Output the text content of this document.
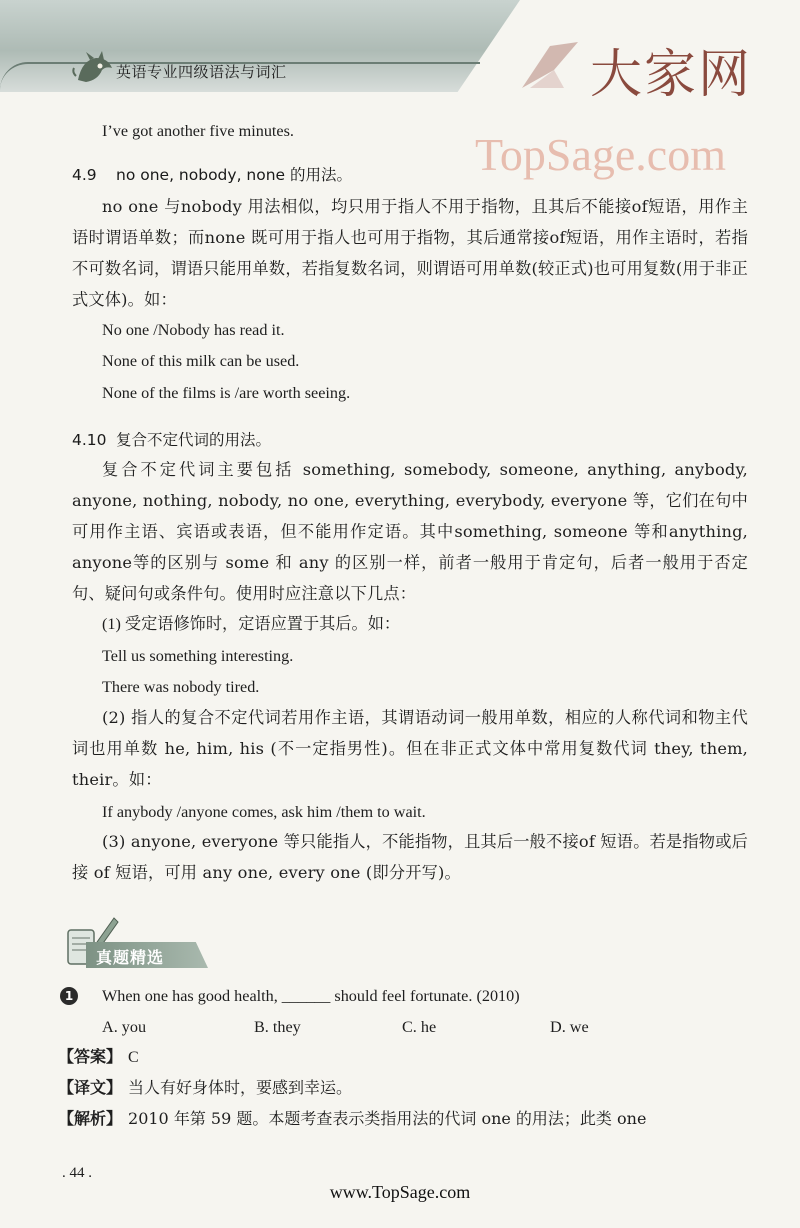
英语专业四级语法与词汇	大家网
TopSage.com
I’ve got another five minutes.
4.9 no one, nobody, none 的用法。
no one 与nobody 用法相似，均只用于指人不用于指物，且其后不能接of短语，用作主语时谓语单数；而none 既可用于指人也可用于指物，其后通常接of短语，用作主语时，若指不可数名词，谓语只能用单数，若指复数名词，则谓语可用单数(较正式)也可用复数(用于非正式文体)。如：
No one /Nobody has read it.
None of this milk can be used.
None of the films is /are worth seeing.
4.10 复合不定代词的用法。
复合不定代词主要包括 something, somebody, someone, anything, anybody, anyone, nothing, nobody, no one, everything, everybody, everyone 等，它们在句中可用作主语、宾语或表语，但不能用作定语。其中something, someone 等和anything, anyone等的区别与 some 和 any 的区别一样，前者一般用于肯定句，后者一般用于否定句、疑问句或条件句。使用时应注意以下几点：
(1) 受定语修饰时，定语应置于其后。如：
Tell us something interesting.
There was nobody tired.
(2) 指人的复合不定代词若用作主语，其谓语动词一般用单数，相应的人称代词和物主代词也用单数 he, him, his (不一定指男性)。但在非正式文体中常用复数代词 they, them, their。如：
If anybody /anyone comes, ask him /them to wait.
(3) anyone, everyone 等只能指人，不能指物，且其后一般不接of 短语。若是指物或后接 of 短语，可用 any one, every one (即分开写)。
真题精选
1 When one has good health, ______ should feel fortunate. (2010)
A. you	B. they	C. he	D. we
【答案】 C
【译文】 当人有好身体时，要感到幸运。
【解析】 2010 年第 59 题。本题考查表示类指用法的代词 one 的用法；此类 one
. 44 .
www.TopSage.com
